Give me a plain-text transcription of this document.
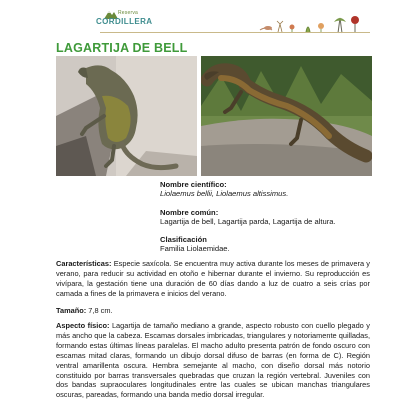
Reserva
CORDILLERA
LAGARTIJA DE BELL
Nombre científico:
Liolaemus bellii, Liolaemus altissimus.
Nombre común:
Lagartija de bell, Lagartija parda, Lagartija de altura.
Clasificación
Familia Liolaemidae.

Características: Especie saxícola. Se encuentra muy activa durante los meses de primavera y verano, para reducir su actividad en otoño e hibernar durante el invierno. Su reproducción es vivípara, la gestación tiene una duración de 60 días dando a luz de cuatro a seis crías por camada a fines de la primavera e inicios del verano.

Tamaño: 7,8 cm.

Aspecto físico: Lagartija de tamaño mediano a grande, aspecto robusto con cuello plegado y más ancho que la cabeza. Escamas dorsales imbricadas, triangulares y notoriamente quilladas, formando estas últimas líneas paralelas. El macho adulto presenta patrón de fondo oscuro con escamas mitad claras, formando un dibujo dorsal difuso de barras (en forma de C). Región ventral amarillenta oscura. Hembra semejante al macho, con diseño dorsal más notorio constituido por barras transversales quebradas que cruzan la región vertebral. Juveniles con dos bandas supraoculares longitudinales entre las cuales se ubican manchas triangulares oscuras, pareadas, formando una banda medio dorsal irregular.
